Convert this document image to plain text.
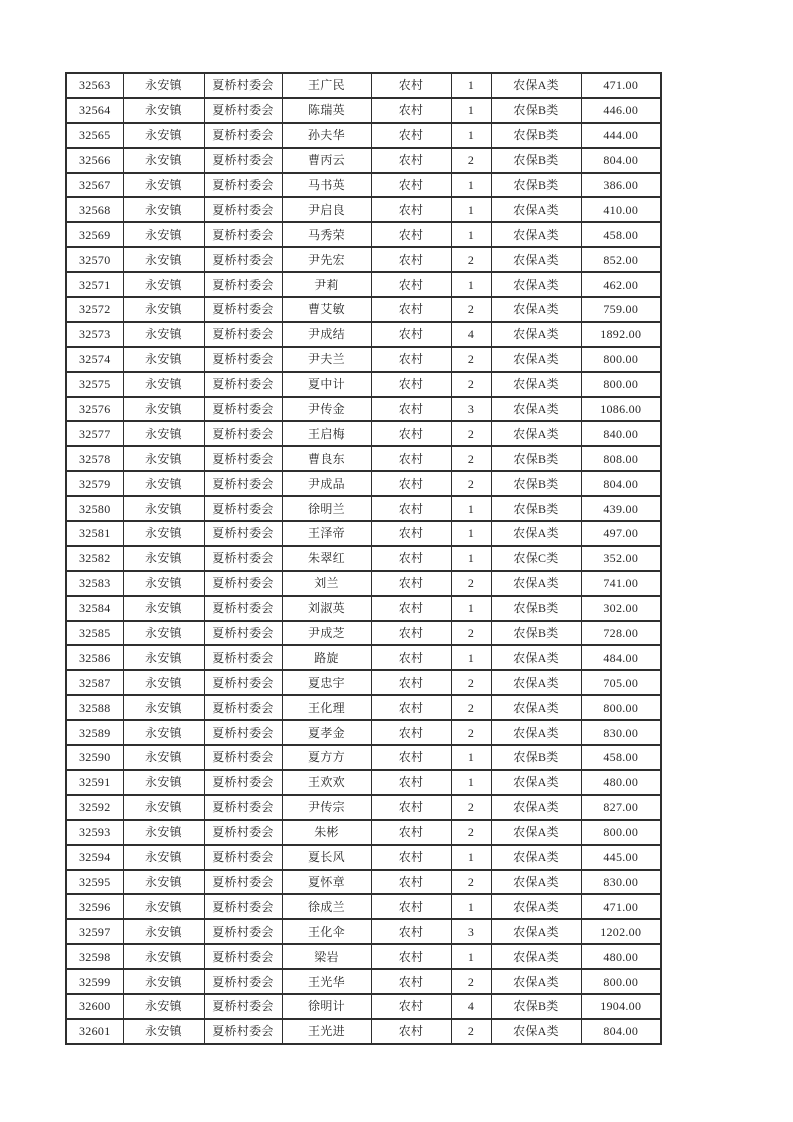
32563	永安镇	夏桥村委会	王广民	农村	1	农保A类	471.00
32564	永安镇	夏桥村委会	陈瑞英	农村	1	农保B类	446.00
32565	永安镇	夏桥村委会	孙夫华	农村	1	农保B类	444.00
32566	永安镇	夏桥村委会	曹丙云	农村	2	农保B类	804.00
32567	永安镇	夏桥村委会	马书英	农村	1	农保B类	386.00
32568	永安镇	夏桥村委会	尹启良	农村	1	农保A类	410.00
32569	永安镇	夏桥村委会	马秀荣	农村	1	农保A类	458.00
32570	永安镇	夏桥村委会	尹先宏	农村	2	农保A类	852.00
32571	永安镇	夏桥村委会	尹莉	农村	1	农保A类	462.00
32572	永安镇	夏桥村委会	曹艾敏	农村	2	农保A类	759.00
32573	永安镇	夏桥村委会	尹成结	农村	4	农保A类	1892.00
32574	永安镇	夏桥村委会	尹夫兰	农村	2	农保A类	800.00
32575	永安镇	夏桥村委会	夏中计	农村	2	农保A类	800.00
32576	永安镇	夏桥村委会	尹传金	农村	3	农保A类	1086.00
32577	永安镇	夏桥村委会	王启梅	农村	2	农保A类	840.00
32578	永安镇	夏桥村委会	曹良东	农村	2	农保B类	808.00
32579	永安镇	夏桥村委会	尹成品	农村	2	农保B类	804.00
32580	永安镇	夏桥村委会	徐明兰	农村	1	农保B类	439.00
32581	永安镇	夏桥村委会	王泽帝	农村	1	农保A类	497.00
32582	永安镇	夏桥村委会	朱翠红	农村	1	农保C类	352.00
32583	永安镇	夏桥村委会	刘兰	农村	2	农保A类	741.00
32584	永安镇	夏桥村委会	刘淑英	农村	1	农保B类	302.00
32585	永安镇	夏桥村委会	尹成芝	农村	2	农保B类	728.00
32586	永安镇	夏桥村委会	路旋	农村	1	农保A类	484.00
32587	永安镇	夏桥村委会	夏忠宇	农村	2	农保A类	705.00
32588	永安镇	夏桥村委会	王化理	农村	2	农保A类	800.00
32589	永安镇	夏桥村委会	夏孝金	农村	2	农保A类	830.00
32590	永安镇	夏桥村委会	夏方方	农村	1	农保B类	458.00
32591	永安镇	夏桥村委会	王欢欢	农村	1	农保A类	480.00
32592	永安镇	夏桥村委会	尹传宗	农村	2	农保A类	827.00
32593	永安镇	夏桥村委会	朱彬	农村	2	农保A类	800.00
32594	永安镇	夏桥村委会	夏长风	农村	1	农保A类	445.00
32595	永安镇	夏桥村委会	夏怀章	农村	2	农保A类	830.00
32596	永安镇	夏桥村委会	徐成兰	农村	1	农保A类	471.00
32597	永安镇	夏桥村委会	王化伞	农村	3	农保A类	1202.00
32598	永安镇	夏桥村委会	梁岩	农村	1	农保A类	480.00
32599	永安镇	夏桥村委会	王光华	农村	2	农保A类	800.00
32600	永安镇	夏桥村委会	徐明计	农村	4	农保B类	1904.00
32601	永安镇	夏桥村委会	王光进	农村	2	农保A类	804.00
